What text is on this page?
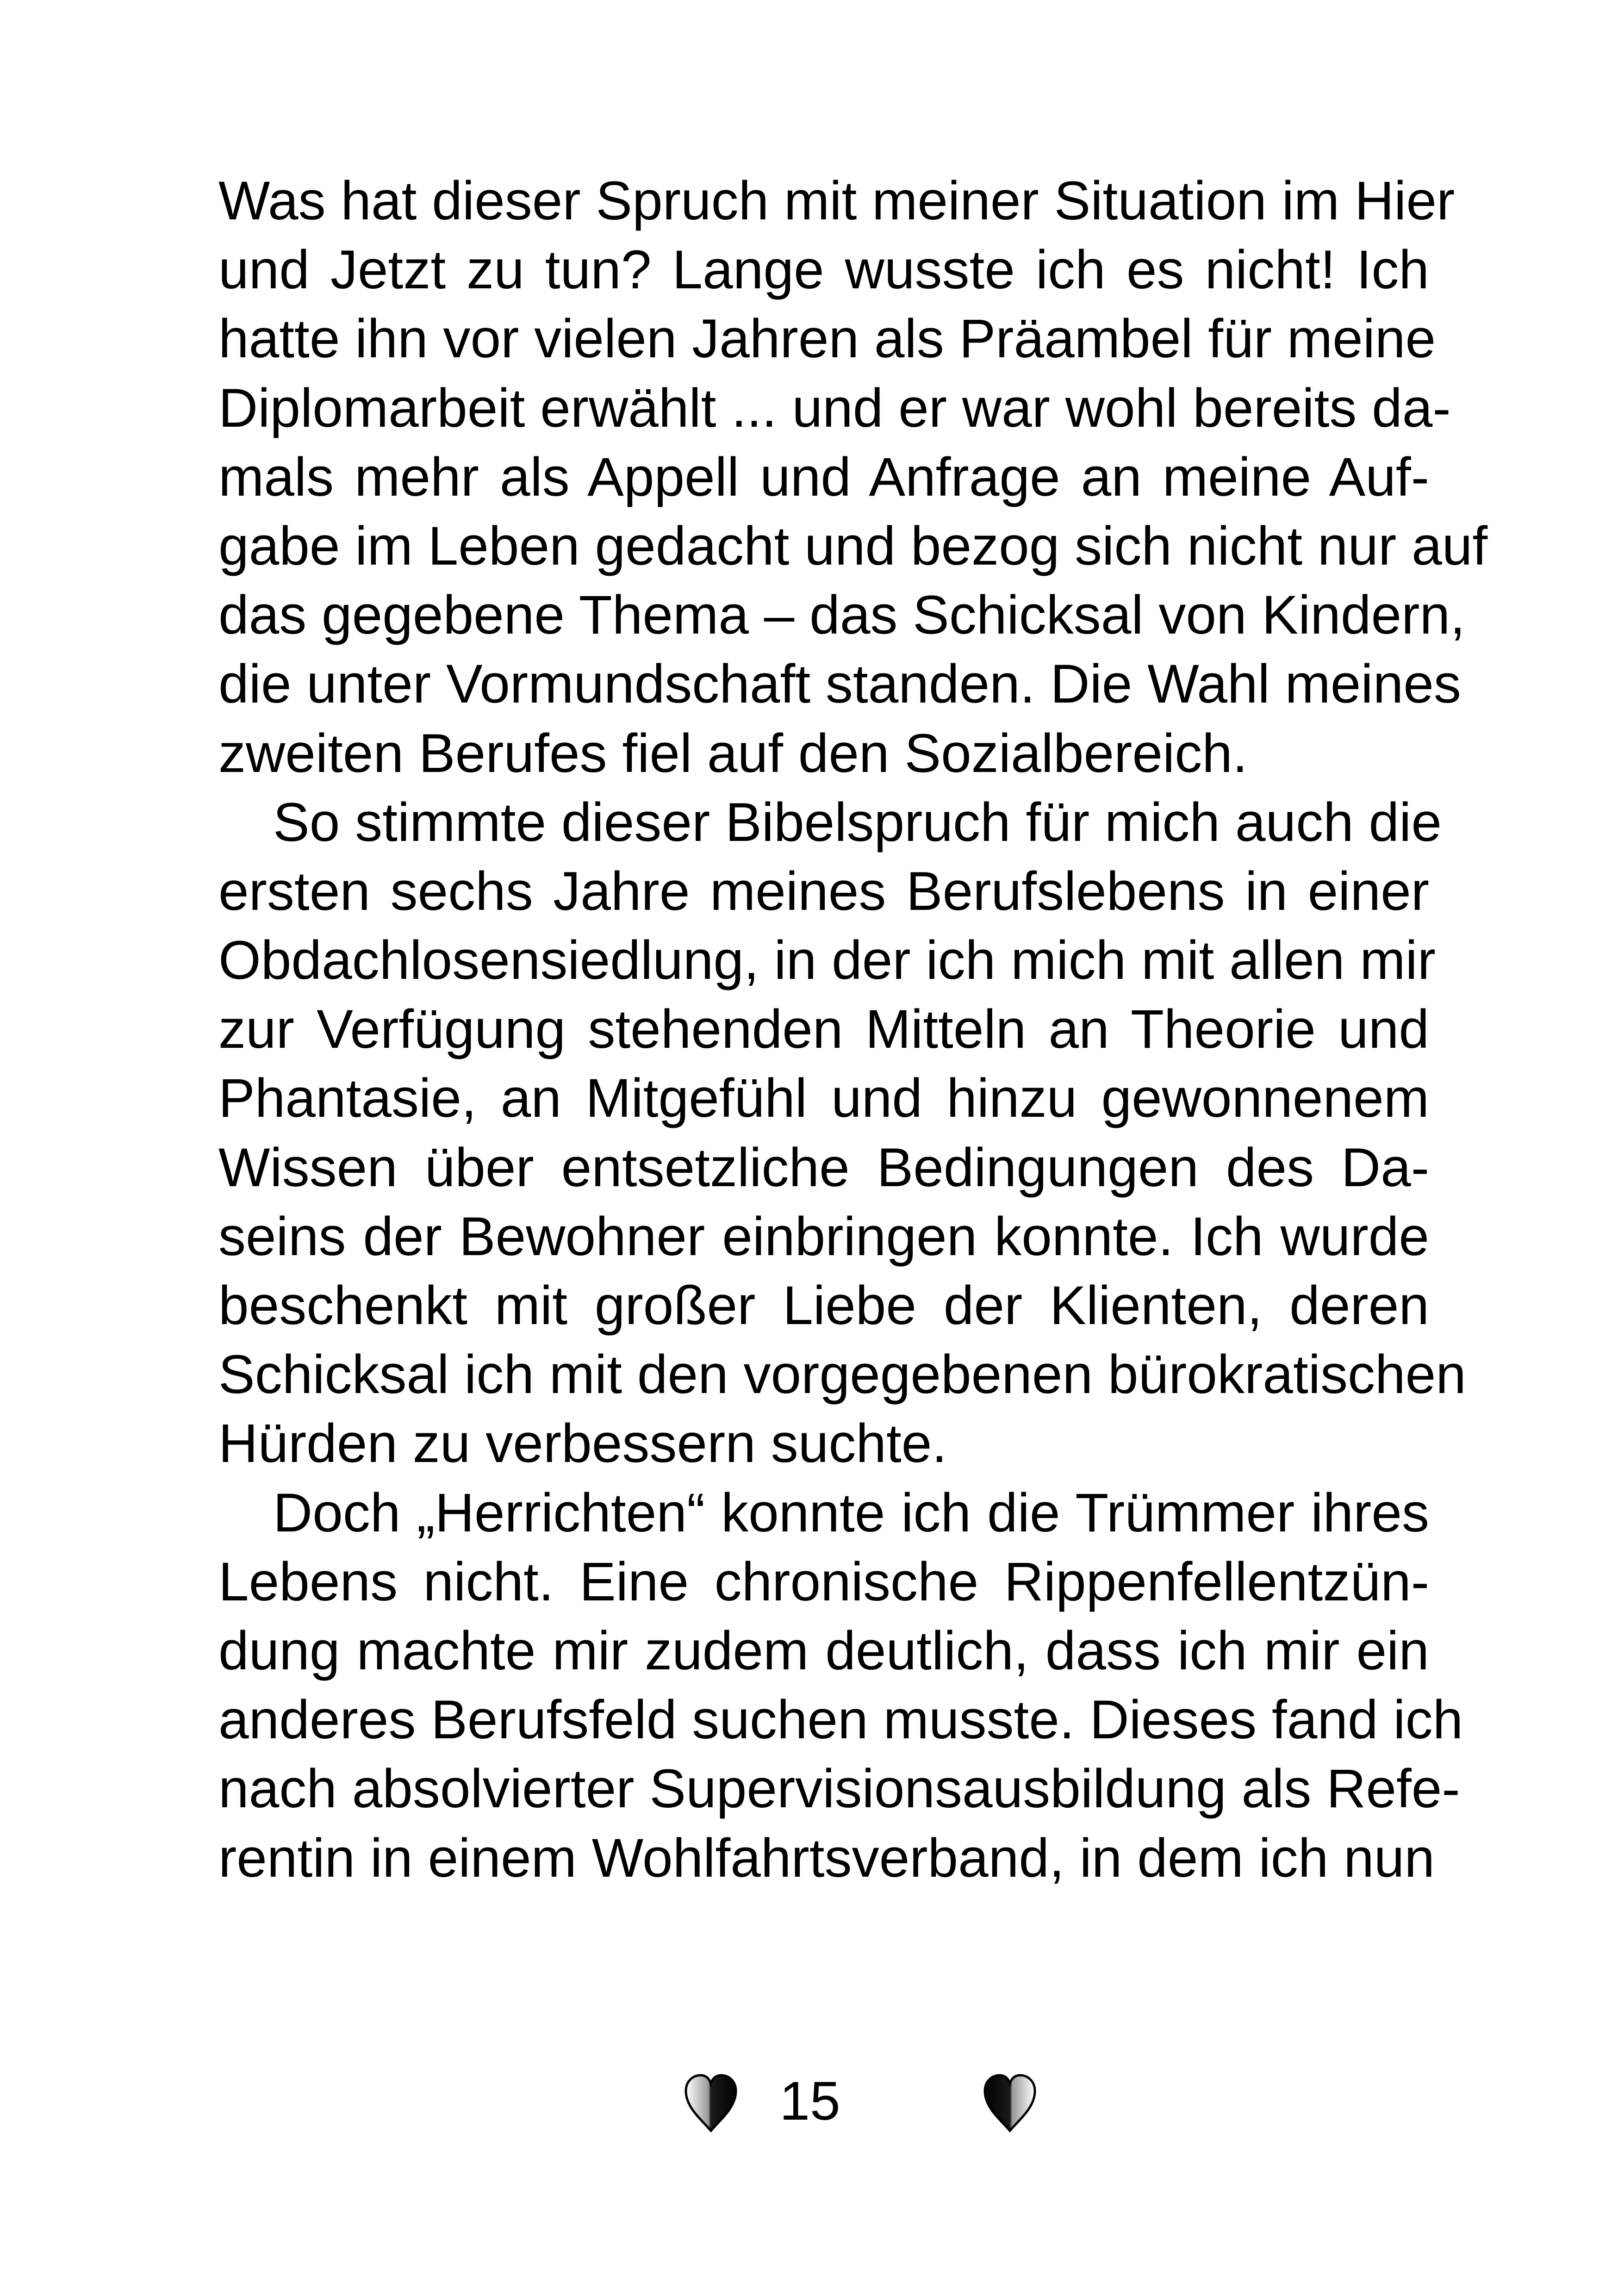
Was hat dieser Spruch mit meiner Situation im Hier
und Jetzt zu tun? Lange wusste ich es nicht! Ich
hatte ihn vor vielen Jahren als Präambel für meine
Diplomarbeit erwählt ... und er war wohl bereits da-
mals mehr als Appell und Anfrage an meine Auf-
gabe im Leben gedacht und bezog sich nicht nur auf
das gegebene Thema – das Schicksal von Kindern,
die unter Vormundschaft standen. Die Wahl meines
zweiten Berufes fiel auf den Sozialbereich.
So stimmte dieser Bibelspruch für mich auch die
ersten sechs Jahre meines Berufslebens in einer
Obdachlosensiedlung, in der ich mich mit allen mir
zur Verfügung stehenden Mitteln an Theorie und
Phantasie, an Mitgefühl und hinzu gewonnenem
Wissen über entsetzliche Bedingungen des Da-
seins der Bewohner einbringen konnte. Ich wurde
beschenkt mit großer Liebe der Klienten, deren
Schicksal ich mit den vorgegebenen bürokratischen
Hürden zu verbessern suchte.
Doch „Herrichten“ konnte ich die Trümmer ihres
Lebens nicht. Eine chronische Rippenfellentzün-
dung machte mir zudem deutlich, dass ich mir ein
anderes Berufsfeld suchen musste. Dieses fand ich
nach absolvierter Supervisionsausbildung als Refe-
rentin in einem Wohlfahrtsverband, in dem ich nun
15
